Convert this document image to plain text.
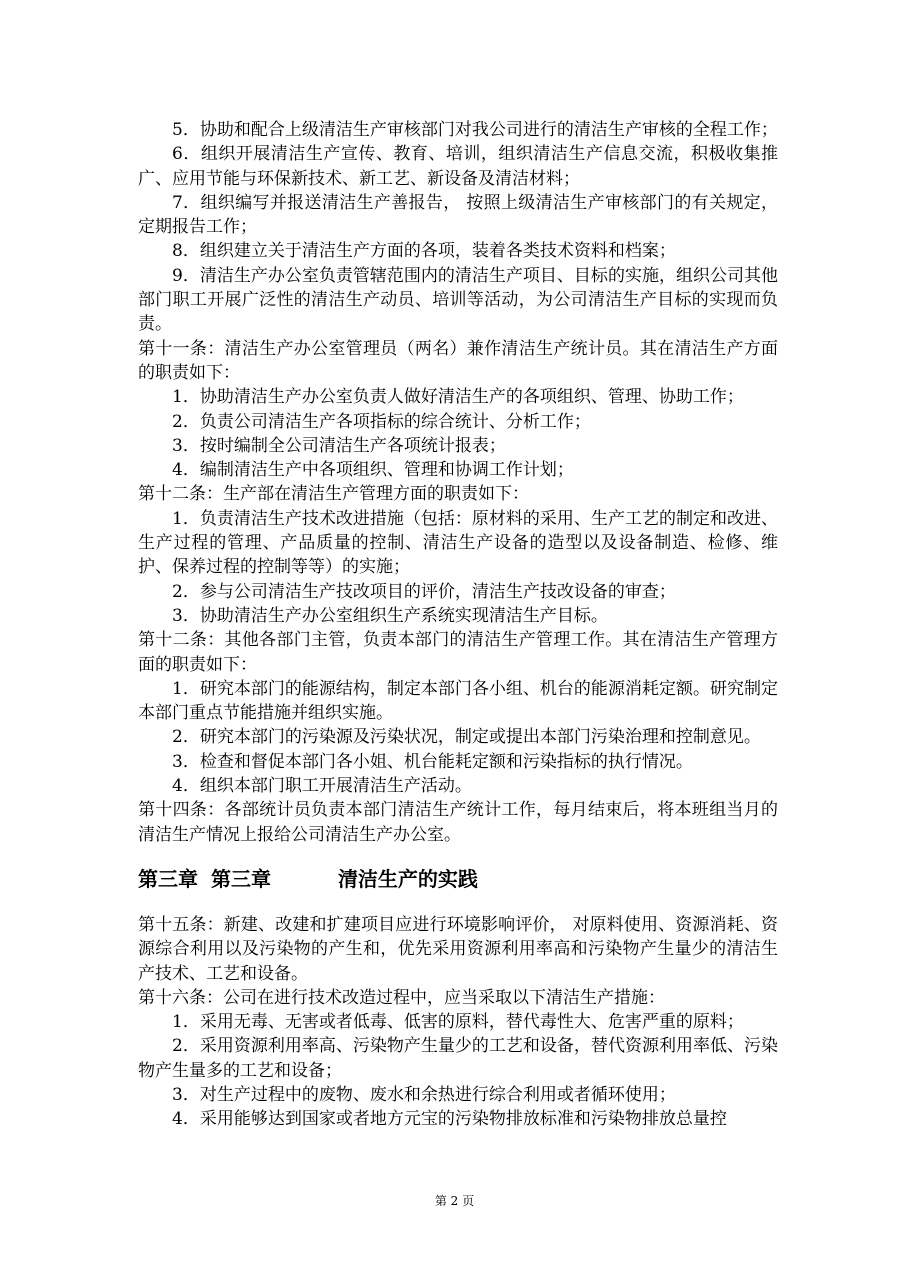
5．协助和配合上级清洁生产审核部门对我公司进行的清洁生产审核的全程工作；

6．组织开展清洁生产宣传、教育、培训，组织清洁生产信息交流，积极收集推广、应用节能与环保新技术、新工艺、新设备及清洁材料；

7．组织编写并报送清洁生产善报告， 按照上级清洁生产审核部门的有关规定，定期报告工作；

8．组织建立关于清洁生产方面的各项，装着各类技术资料和档案；

9．清洁生产办公室负责管辖范围内的清洁生产项目、目标的实施，组织公司其他部门职工开展广泛性的清洁生产动员、培训等活动，为公司清洁生产目标的实现而负责。

第十一条：清洁生产办公室管理员（两名）兼作清洁生产统计员。其在清洁生产方面的职责如下：

1．协助清洁生产办公室负责人做好清洁生产的各项组织、管理、协助工作；

2．负责公司清洁生产各项指标的综合统计、分析工作；

3．按时编制全公司清洁生产各项统计报表；

4．编制清洁生产中各项组织、管理和协调工作计划；

第十二条：生产部在清洁生产管理方面的职责如下：

1．负责清洁生产技术改进措施（包括：原材料的采用、生产工艺的制定和改进、生产过程的管理、产品质量的控制、清洁生产设备的造型以及设备制造、检修、维护、保养过程的控制等等）的实施；

2．参与公司清洁生产技改项目的评价，清洁生产技改设备的审查；

3．协助清洁生产办公室组织生产系统实现清洁生产目标。

第十二条：其他各部门主管，负责本部门的清洁生产管理工作。其在清洁生产管理方面的职责如下：

1．研究本部门的能源结构，制定本部门各小组、机台的能源消耗定额。研究制定本部门重点节能措施并组织实施。

2．研究本部门的污染源及污染状况，制定或提出本部门污染治理和控制意见。

3．检查和督促本部门各小姐、机台能耗定额和污染指标的执行情况。

4．组织本部门职工开展清洁生产活动。

第十四条：各部统计员负责本部门清洁生产统计工作，每月结束后，将本班组当月的清洁生产情况上报给公司清洁生产办公室。

第三章 第三章	清洁生产的实践

第十五条：新建、改建和扩建项目应进行环境影响评价， 对原料使用、资源消耗、资源综合利用以及污染物的产生和，优先采用资源利用率高和污染物产生量少的清洁生产技术、工艺和设备。

第十六条：公司在进行技术改造过程中，应当采取以下清洁生产措施：

1．采用无毒、无害或者低毒、低害的原料，替代毒性大、危害严重的原料；

2．采用资源利用率高、污染物产生量少的工艺和设备，替代资源利用率低、污染物产生量多的工艺和设备；

3．对生产过程中的废物、废水和余热进行综合利用或者循环使用；

4．采用能够达到国家或者地方元宝的污染物排放标准和污染物排放总量控

第 2 页
